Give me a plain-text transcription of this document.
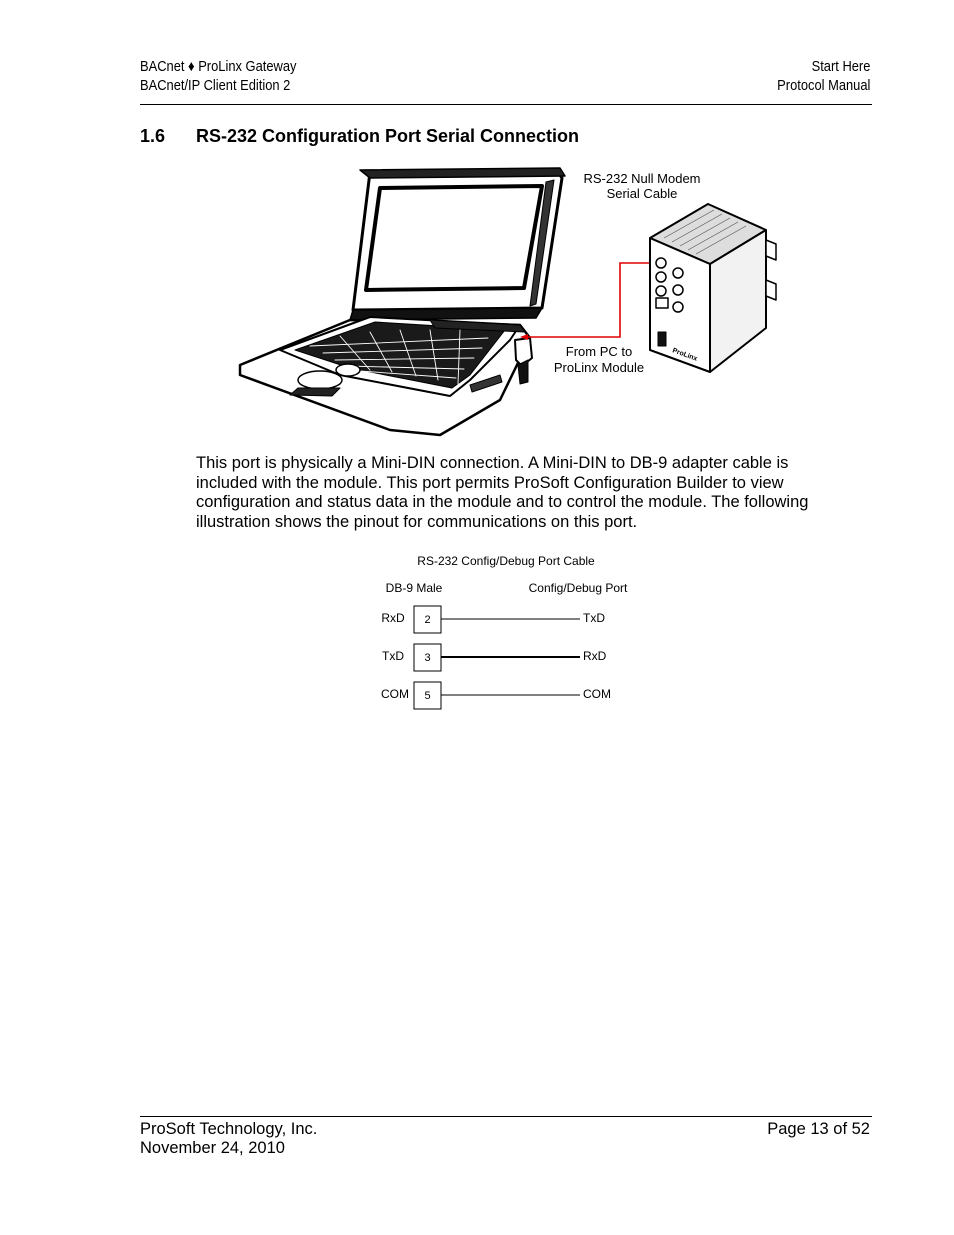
BACnet ♦ ProLinx Gateway
BACnet/IP Client Edition 2
Start Here
Protocol Manual
1.6 RS-232 Configuration Port Serial Connection
ProLinx
RS-232 Null Modem
Serial Cable
From PC to
ProLinx Module
This port is physically a Mini-DIN connection. A Mini-DIN to DB-9 adapter cable is included with the module. This port permits ProSoft Configuration Builder to view configuration and status data in the module and to control the module. The following illustration shows the pinout for communications on this port.
RS-232 Config/Debug Port Cable
DB-9 Male	Config/Debug Port
RxD 2	TxD
TxD 3	RxD
COM 5	COM
ProSoft Technology, Inc.
November 24, 2010
Page 13 of 52
